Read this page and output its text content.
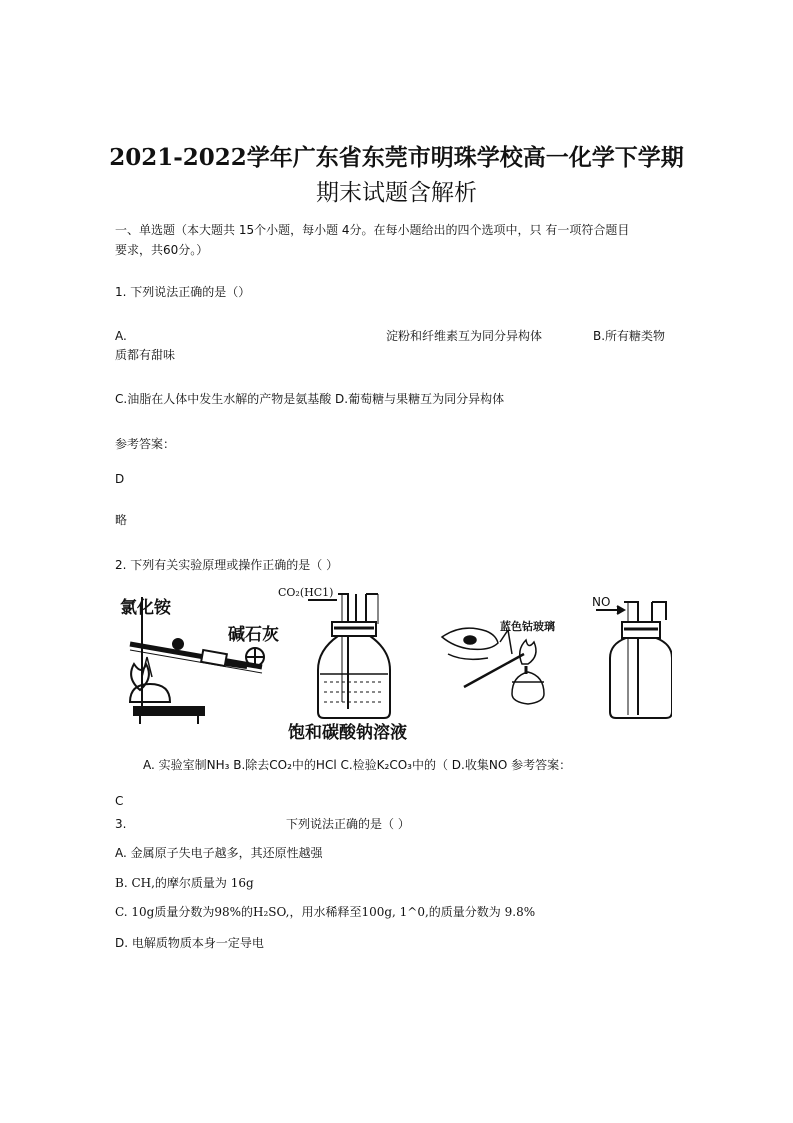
2021-2022学年广东省东莞市明珠学校高一化学下学期
期末试题含解析
一、单选题（本大题共 15个小题，每小题 4分。在每小题给出的四个选项中，只 有一项符合题目
要求，共60分。）
1. 下列说法正确的是（）
A.	淀粉和纤维素互为同分异构体	B.所有糖类物
质都有甜味
C.油脂在人体中发生水解的产物是氨基酸 D.葡萄糖与果糖互为同分异构体
参考答案：
D
略
2. 下列有关实验原理或操作正确的是（ ）
氯化铵
碱石灰
CO₂(HC1)
饱和碳酸钠溶液
蓝色钴玻璃
NO
A. 实验室制NH₃ B.除去CO₂中的HCl C.检验K₂CO₃中的（ D.收集NO 参考答案：
C
3.	下列说法正确的是（ ）
A. 金属原子失电子越多，其还原性越强
B. CH,的摩尔质量为 16g
C. 10g质量分数为98%的H₂SO,，用水稀释至100g, 1^0,的质量分数为 9.8%
D. 电解质物质本身一定导电
